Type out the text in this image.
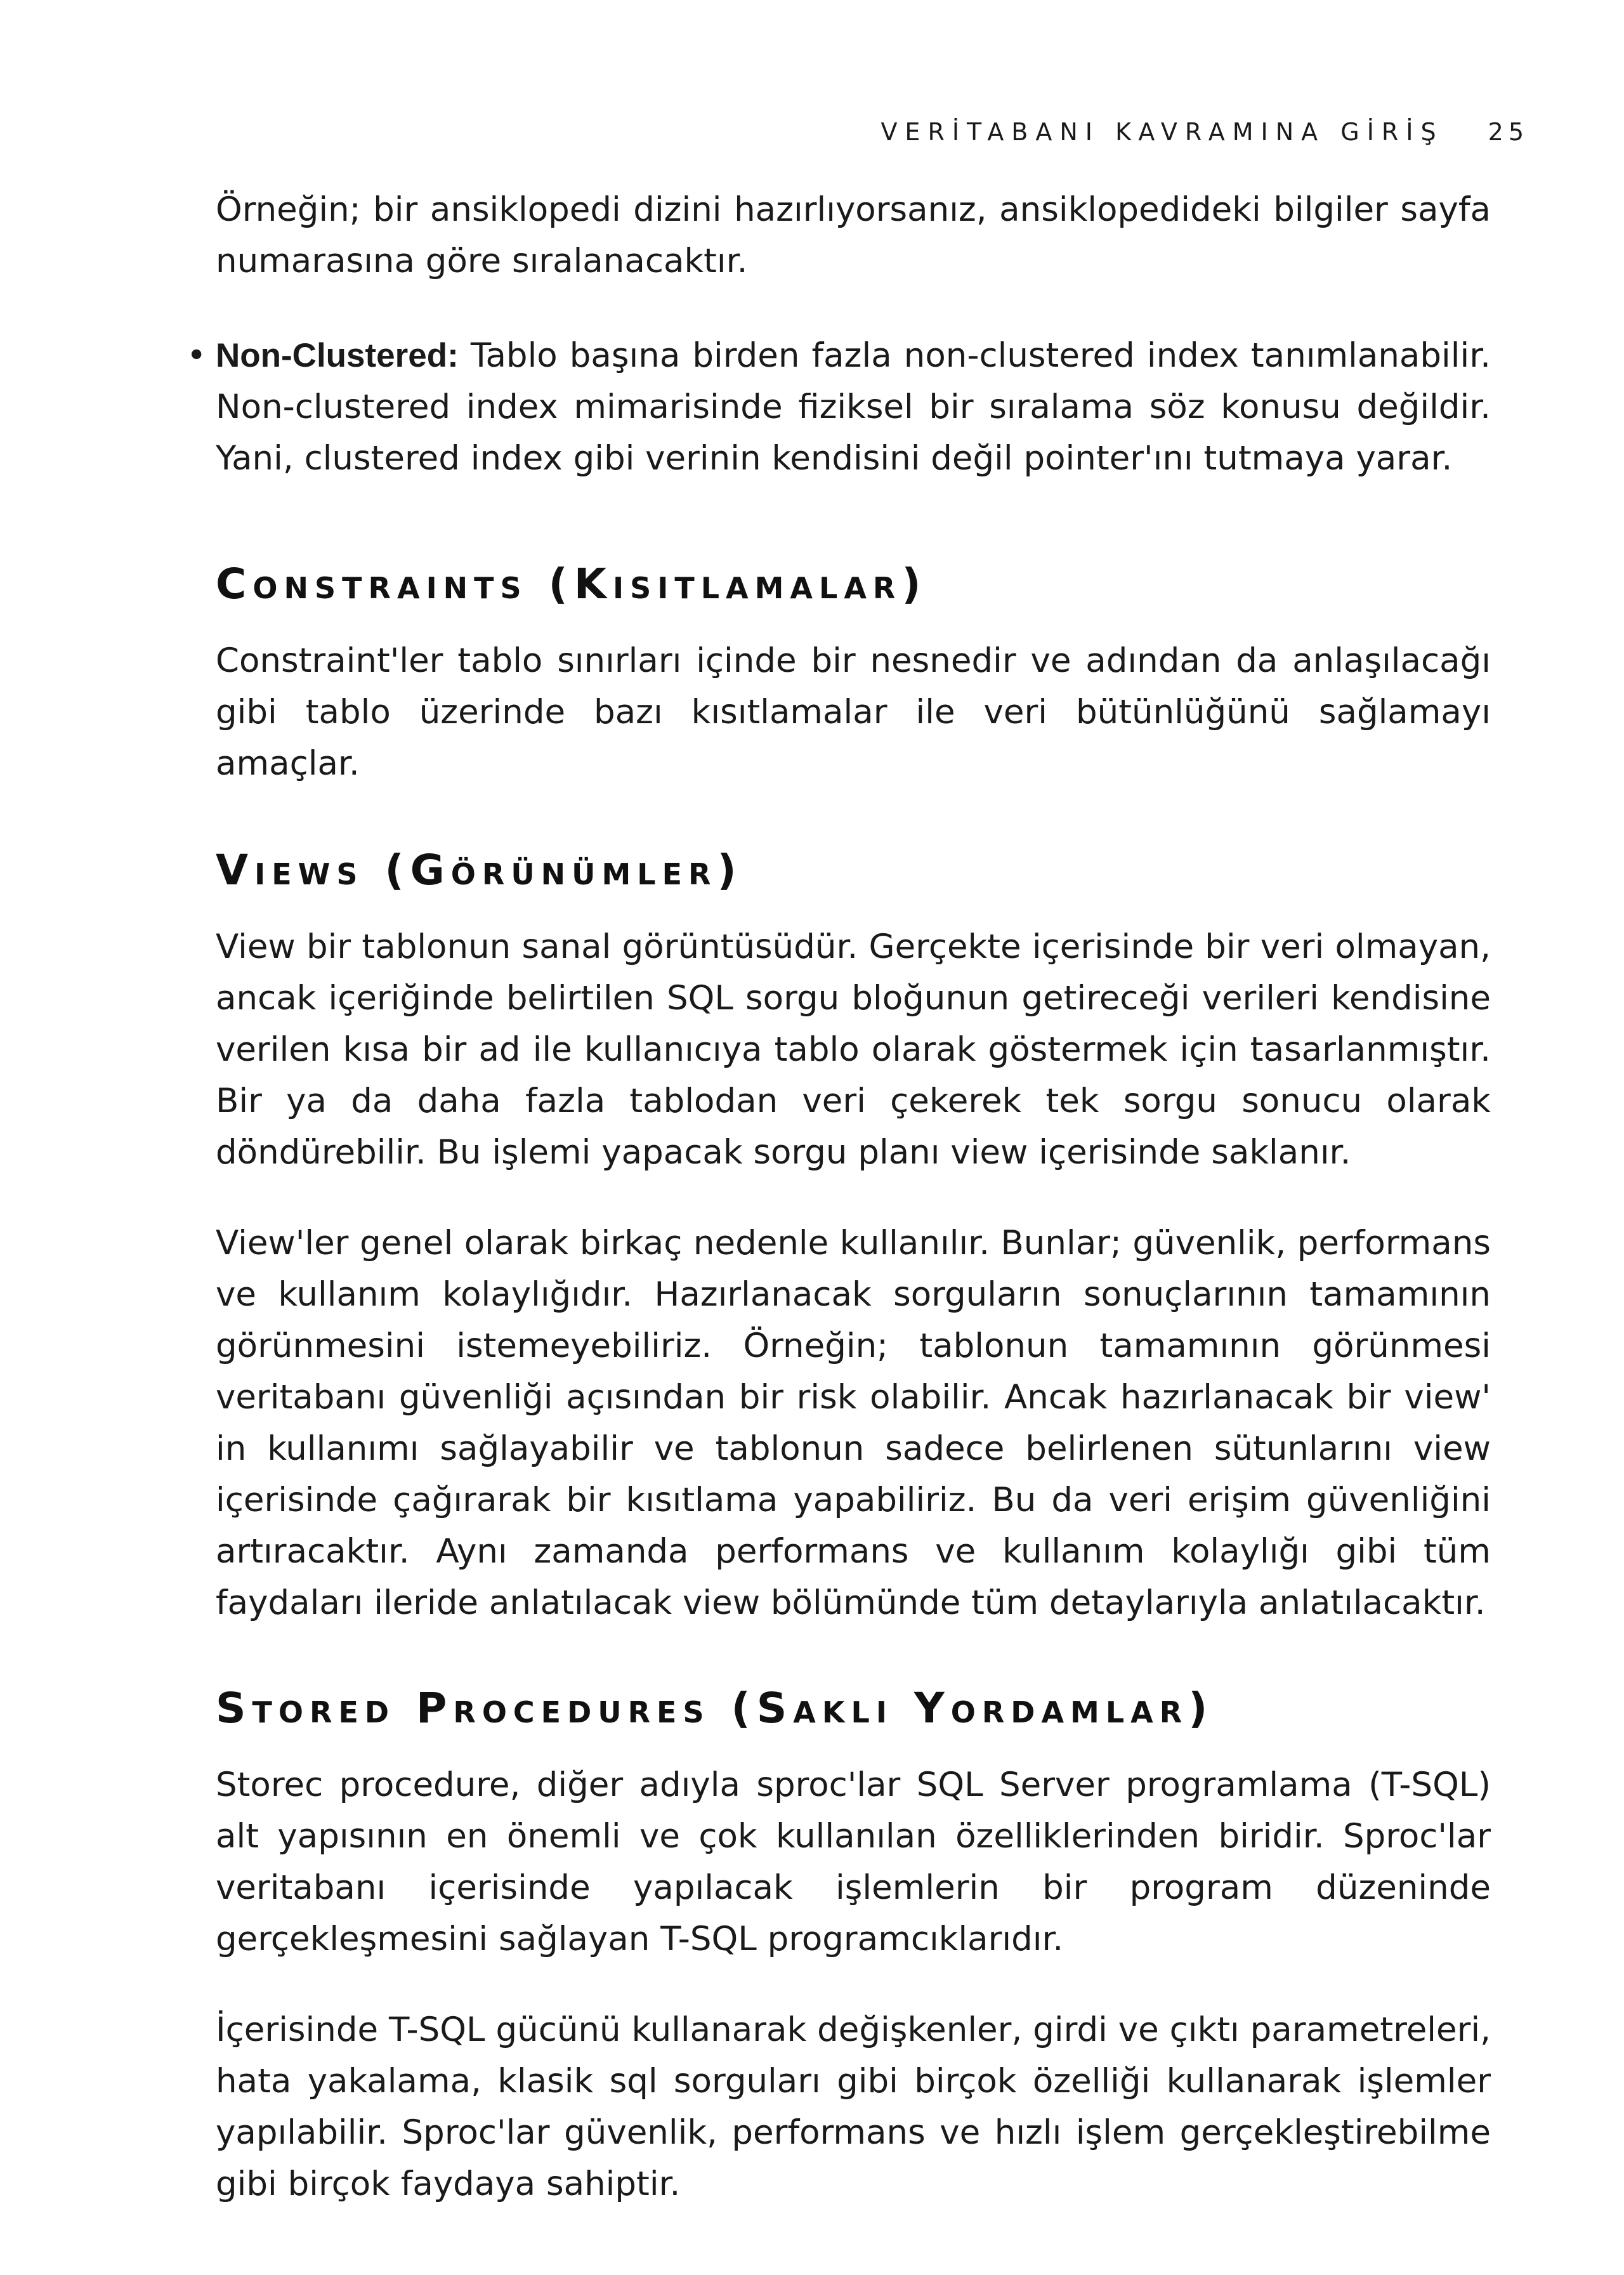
VERİTABANI KAVRAMINA GİRİŞ 25

Örneğin; bir ansiklopedi dizini hazırlıyorsanız, ansiklopedideki bilgiler sayfa numarasına göre sıralanacaktır.

• Non-Clustered: Tablo başına birden fazla non-clustered index tanımlanabilir. Non-clustered index mimarisinde fiziksel bir sıralama söz konusu değildir. Yani, clustered index gibi verinin kendisini değil pointer'ını tutmaya yarar.

Constraints (Kısıtlamalar)

Constraint'ler tablo sınırları içinde bir nesnedir ve adından da anlaşılacağı gibi tablo üzerinde bazı kısıtlamalar ile veri bütünlüğünü sağlamayı amaçlar.

Views (Görünümler)

View bir tablonun sanal görüntüsüdür. Gerçekte içerisinde bir veri olmayan, ancak içeriğinde belirtilen SQL sorgu bloğunun getireceği verileri kendisine verilen kısa bir ad ile kullanıcıya tablo olarak göstermek için tasarlanmıştır. Bir ya da daha fazla tablodan veri çekerek tek sorgu sonucu olarak döndürebilir. Bu işlemi yapacak sorgu planı view içerisinde saklanır.

View'ler genel olarak birkaç nedenle kullanılır. Bunlar; güvenlik, performans ve kullanım kolaylığıdır. Hazırlanacak sorguların sonuçlarının tamamının görünmesini istemeyebiliriz. Örneğin; tablonun tamamının görünmesi veritabanı güvenliği açısından bir risk olabilir. Ancak hazırlanacak bir view' in kullanımı sağlayabilir ve tablonun sadece belirlenen sütunlarını view içerisinde çağırarak bir kısıtlama yapabiliriz. Bu da veri erişim güvenliğini artıracaktır. Aynı zamanda performans ve kullanım kolaylığı gibi tüm faydaları ileride anlatılacak view bölümünde tüm detaylarıyla anlatılacaktır.

Stored Procedures (Saklı Yordamlar)

Storec procedure, diğer adıyla sproc'lar SQL Server programlama (T-SQL) alt yapısının en önemli ve çok kullanılan özelliklerinden biridir. Sproc'lar veritabanı içerisinde yapılacak işlemlerin bir program düzeninde gerçekleşmesini sağlayan T-SQL programcıklarıdır.

İçerisinde T-SQL gücünü kullanarak değişkenler, girdi ve çıktı parametreleri, hata yakalama, klasik sql sorguları gibi birçok özelliği kullanarak işlemler yapılabilir. Sproc'lar güvenlik, performans ve hızlı işlem gerçekleştirebilme gibi birçok faydaya sahiptir.
